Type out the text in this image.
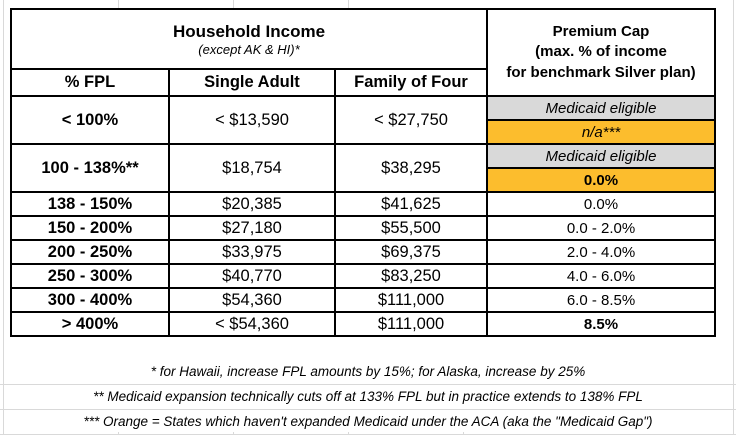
Household Income
(except AK & HI)*

Premium Cap
(max. % of income
for benchmark Silver plan)

% FPL	Single Adult	Family of Four	
< 100%	< $13,590	< $27,750	Medicaid eligible
			n/a***
100 - 138%**	$18,754	$38,295	Medicaid eligible
			0.0%
138 - 150%	$20,385	$41,625	0.0%
150 - 200%	$27,180	$55,500	0.0 - 2.0%
200 - 250%	$33,975	$69,375	2.0 - 4.0%
250 - 300%	$40,770	$83,250	4.0 - 6.0%
300 - 400%	$54,360	$111,000	6.0 - 8.5%
> 400%	< $54,360	$111,000	8.5%
* for Hawaii, increase FPL amounts by 15%; for Alaska, increase by 25%
** Medicaid expansion technically cuts off at 133% FPL but in practice extends to 138% FPL
*** Orange = States which haven't expanded Medicaid under the ACA (aka the "Medicaid Gap")
